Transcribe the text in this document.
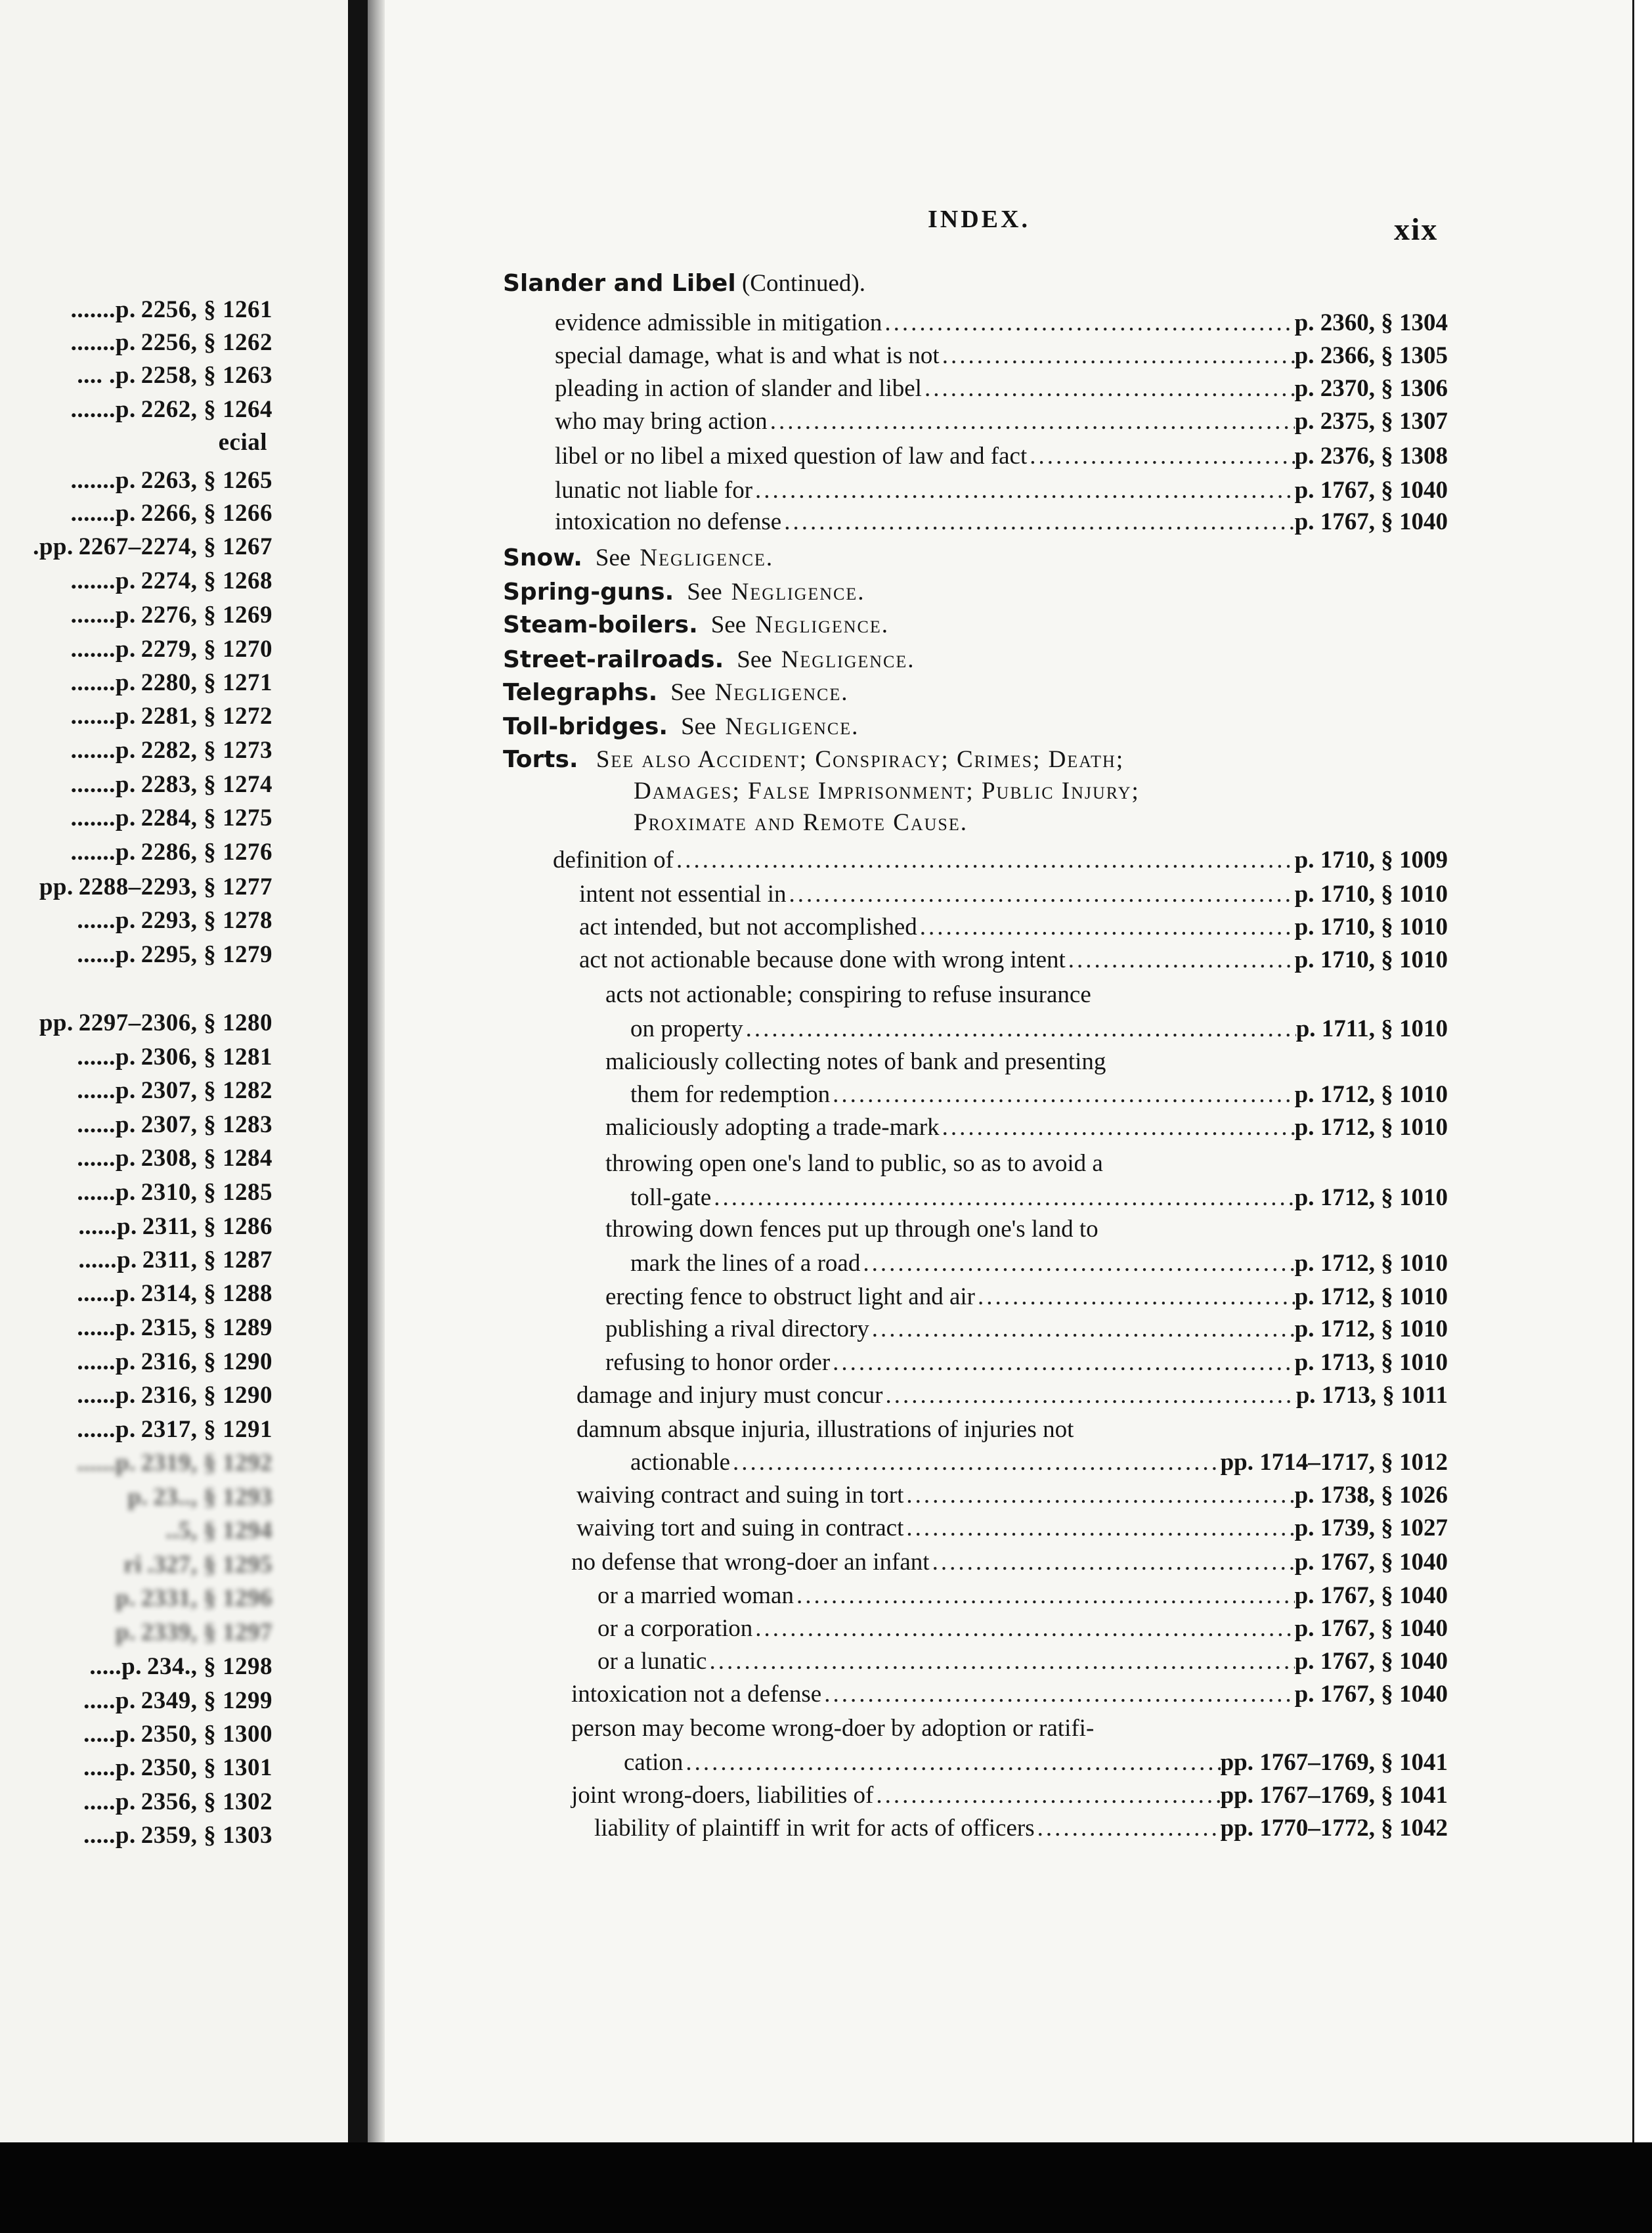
.......p. 2256, § 1261
.......p. 2256, § 1262
.... .p. 2258, § 1263
.......p. 2262, § 1264
ecial
.......p. 2263, § 1265
.......p. 2266, § 1266
.pp. 2267–2274, § 1267
.......p. 2274, § 1268
.......p. 2276, § 1269
.......p. 2279, § 1270
.......p. 2280, § 1271
.......p. 2281, § 1272
.......p. 2282, § 1273
.......p. 2283, § 1274
.......p. 2284, § 1275
.......p. 2286, § 1276
pp. 2288–2293, § 1277
......p. 2293, § 1278
......p. 2295, § 1279
pp. 2297–2306, § 1280
......p. 2306, § 1281
......p. 2307, § 1282
......p. 2307, § 1283
......p. 2308, § 1284
......p. 2310, § 1285
......p. 2311, § 1286
......p. 2311, § 1287
......p. 2314, § 1288
......p. 2315, § 1289
......p. 2316, § 1290
......p. 2316, § 1290
......p. 2317, § 1291
......p. 2319, § 1292
p. 23.., § 1293
..5, § 1294
ri .327, § 1295
p. 2331, § 1296
p. 2339, § 1297
.....p. 234., § 1298
.....p. 2349, § 1299
.....p. 2350, § 1300
.....p. 2350, § 1301
.....p. 2356, § 1302
.....p. 2359, § 1303
INDEX.	xix
Slander and Libel (Continued).
evidence admissible in mitigation .....	p. 2360, § 1304
special damage, what is and what is not .....	p. 2366, § 1305
pleading in action of slander and libel .....	p. 2370, § 1306
who may bring action .....	p. 2375, § 1307
libel or no libel a mixed question of law and fact .....	p. 2376, § 1308
lunatic not liable for .....	p. 1767, § 1040
intoxication no defense .....	p. 1767, § 1040
Snow. See Negligence.
Spring-guns. See Negligence.
Steam-boilers. See Negligence.
Street-railroads. See Negligence.
Telegraphs. See Negligence.
Toll-bridges. See Negligence.
Torts. See also Accident; Conspiracy; Crimes; Death;
Damages; False Imprisonment; Public Injury;
Proximate and Remote Cause.
definition of .....	p. 1710, § 1009
intent not essential in .....	p. 1710, § 1010
act intended, but not accomplished .....	p. 1710, § 1010
act not actionable because done with wrong intent .....	p. 1710, § 1010
acts not actionable; conspiring to refuse insurance
on property .....	p. 1711, § 1010
maliciously collecting notes of bank and presenting
them for redemption .....	p. 1712, § 1010
maliciously adopting a trade-mark .....	p. 1712, § 1010
throwing open one's land to public, so as to avoid a
toll-gate .....	p. 1712, § 1010
throwing down fences put up through one's land to
mark the lines of a road .....	p. 1712, § 1010
erecting fence to obstruct light and air .....	p. 1712, § 1010
publishing a rival directory .....	p. 1712, § 1010
refusing to honor order .....	p. 1713, § 1010
damage and injury must concur .....	p. 1713, § 1011
damnum absque injuria, illustrations of injuries not
actionable .....	pp. 1714–1717, § 1012
waiving contract and suing in tort .....	p. 1738, § 1026
waiving tort and suing in contract .....	p. 1739, § 1027
no defense that wrong-doer an infant .....	p. 1767, § 1040
or a married woman .....	p. 1767, § 1040
or a corporation .....	p. 1767, § 1040
or a lunatic .....	p. 1767, § 1040
intoxication not a defense .....	p. 1767, § 1040
person may become wrong-doer by adoption or ratifi-
cation .....	pp. 1767–1769, § 1041
joint wrong-doers, liabilities of .....	pp. 1767–1769, § 1041
liability of plaintiff in writ for acts of officers .....	pp. 1770–1772, § 1042
